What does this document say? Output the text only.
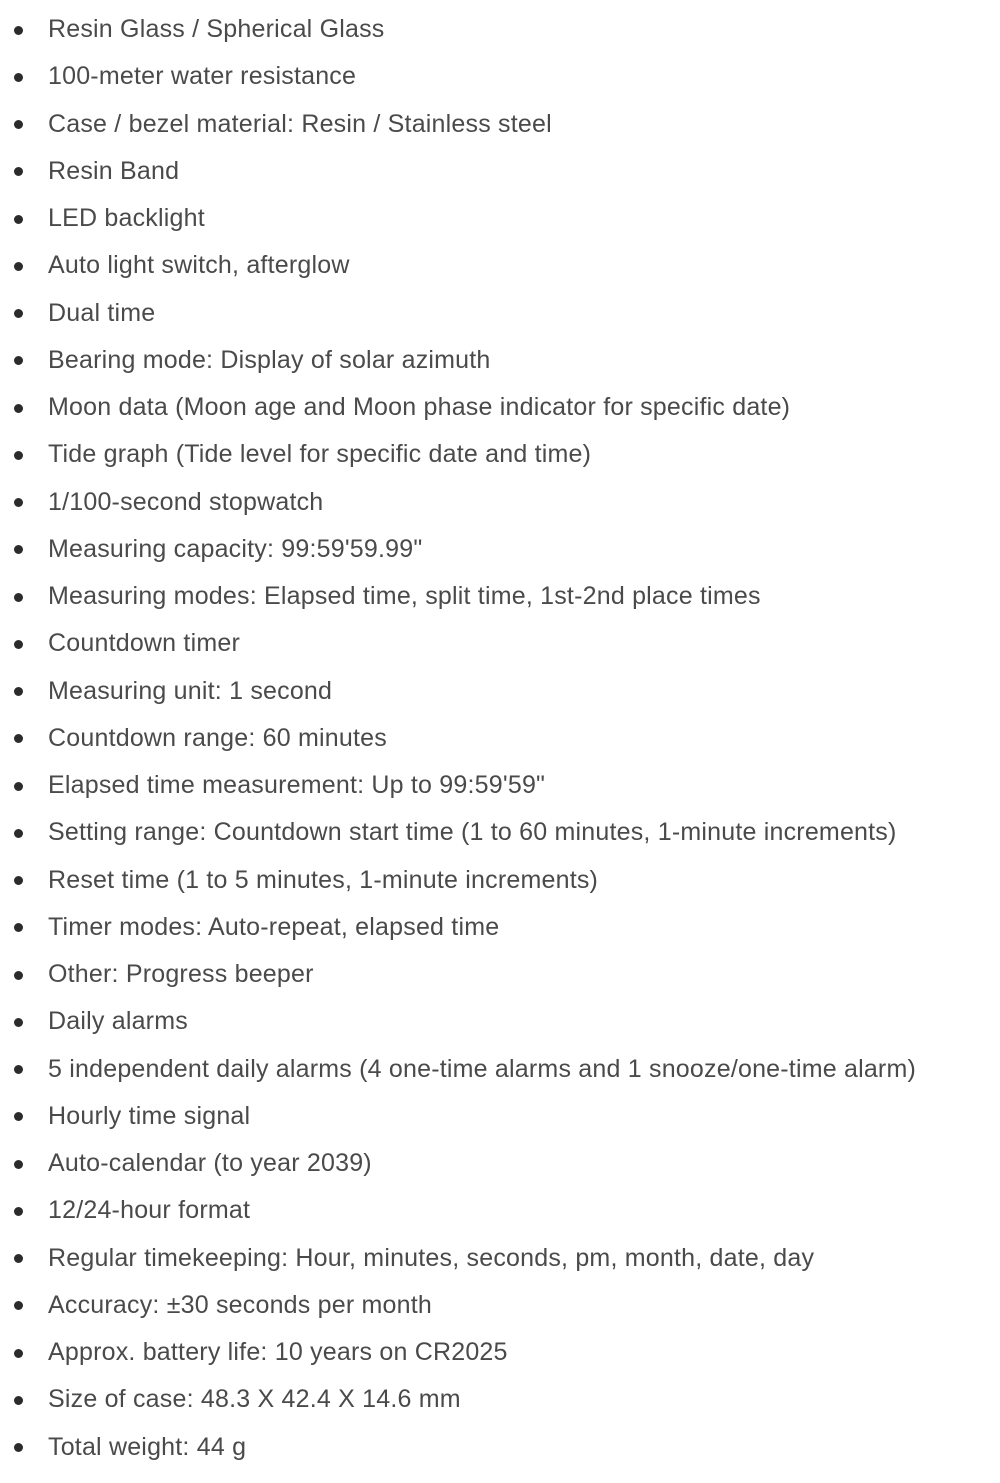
Resin Glass / Spherical Glass
100-meter water resistance
Case / bezel material: Resin / Stainless steel
Resin Band
LED backlight
Auto light switch, afterglow
Dual time
Bearing mode: Display of solar azimuth
Moon data (Moon age and Moon phase indicator for specific date)
Tide graph (Tide level for specific date and time)
1/100-second stopwatch
Measuring capacity: 99:59'59.99"
Measuring modes: Elapsed time, split time, 1st-2nd place times
Countdown timer
Measuring unit: 1 second
Countdown range: 60 minutes
Elapsed time measurement: Up to 99:59'59"
Setting range: Countdown start time (1 to 60 minutes, 1-minute increments)
Reset time (1 to 5 minutes, 1-minute increments)
Timer modes: Auto-repeat, elapsed time
Other: Progress beeper
Daily alarms
5 independent daily alarms (4 one-time alarms and 1 snooze/one-time alarm)
Hourly time signal
Auto-calendar (to year 2039)
12/24-hour format
Regular timekeeping: Hour, minutes, seconds, pm, month, date, day
Accuracy: ±30 seconds per month
Approx. battery life: 10 years on CR2025
Size of case: 48.3 X 42.4 X 14.6 mm
Total weight: 44 g
